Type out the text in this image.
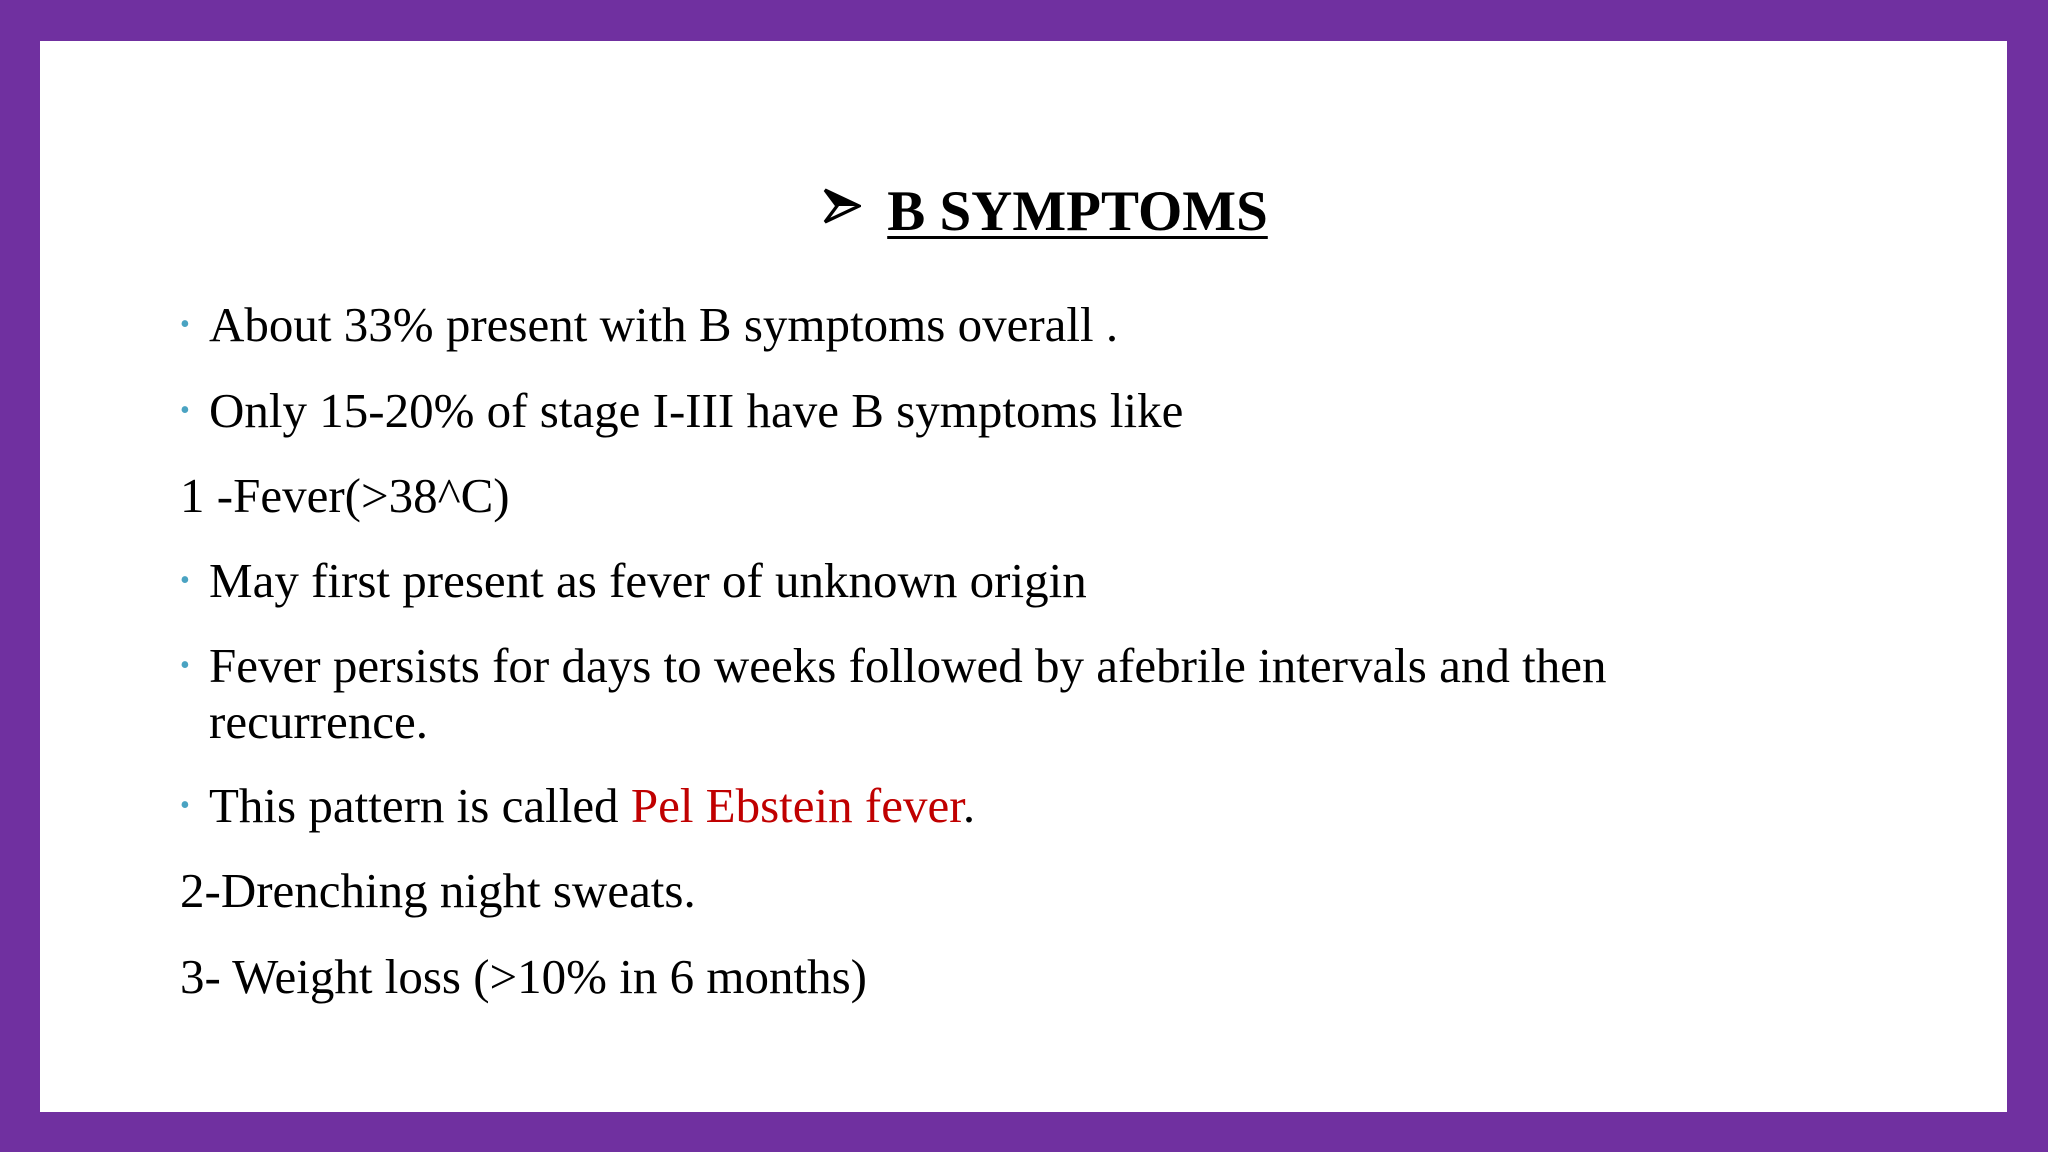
B SYMPTOMS
• About 33% present with B symptoms overall .
• Only 15-20% of stage I-III have B symptoms like
1 -Fever(>38^C)
• May first present as fever of unknown origin
• Fever persists for days to weeks followed by afebrile intervals and then
recurrence.
• This pattern is called Pel Ebstein fever.
2-Drenching night sweats.
3- Weight loss (>10% in 6 months)
